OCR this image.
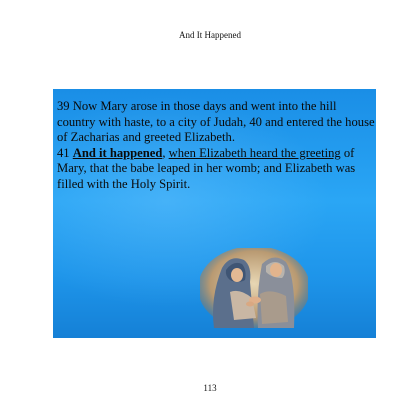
And It Happened

39 Now Mary arose in those days and went into the hill country with haste, to a city of Judah, 40 and entered the house of Zacharias and greeted Elizabeth.

41 And it happened, when Elizabeth heard the greeting of Mary, that the babe leaped in her womb; and Elizabeth was filled with the Holy Spirit.

113
